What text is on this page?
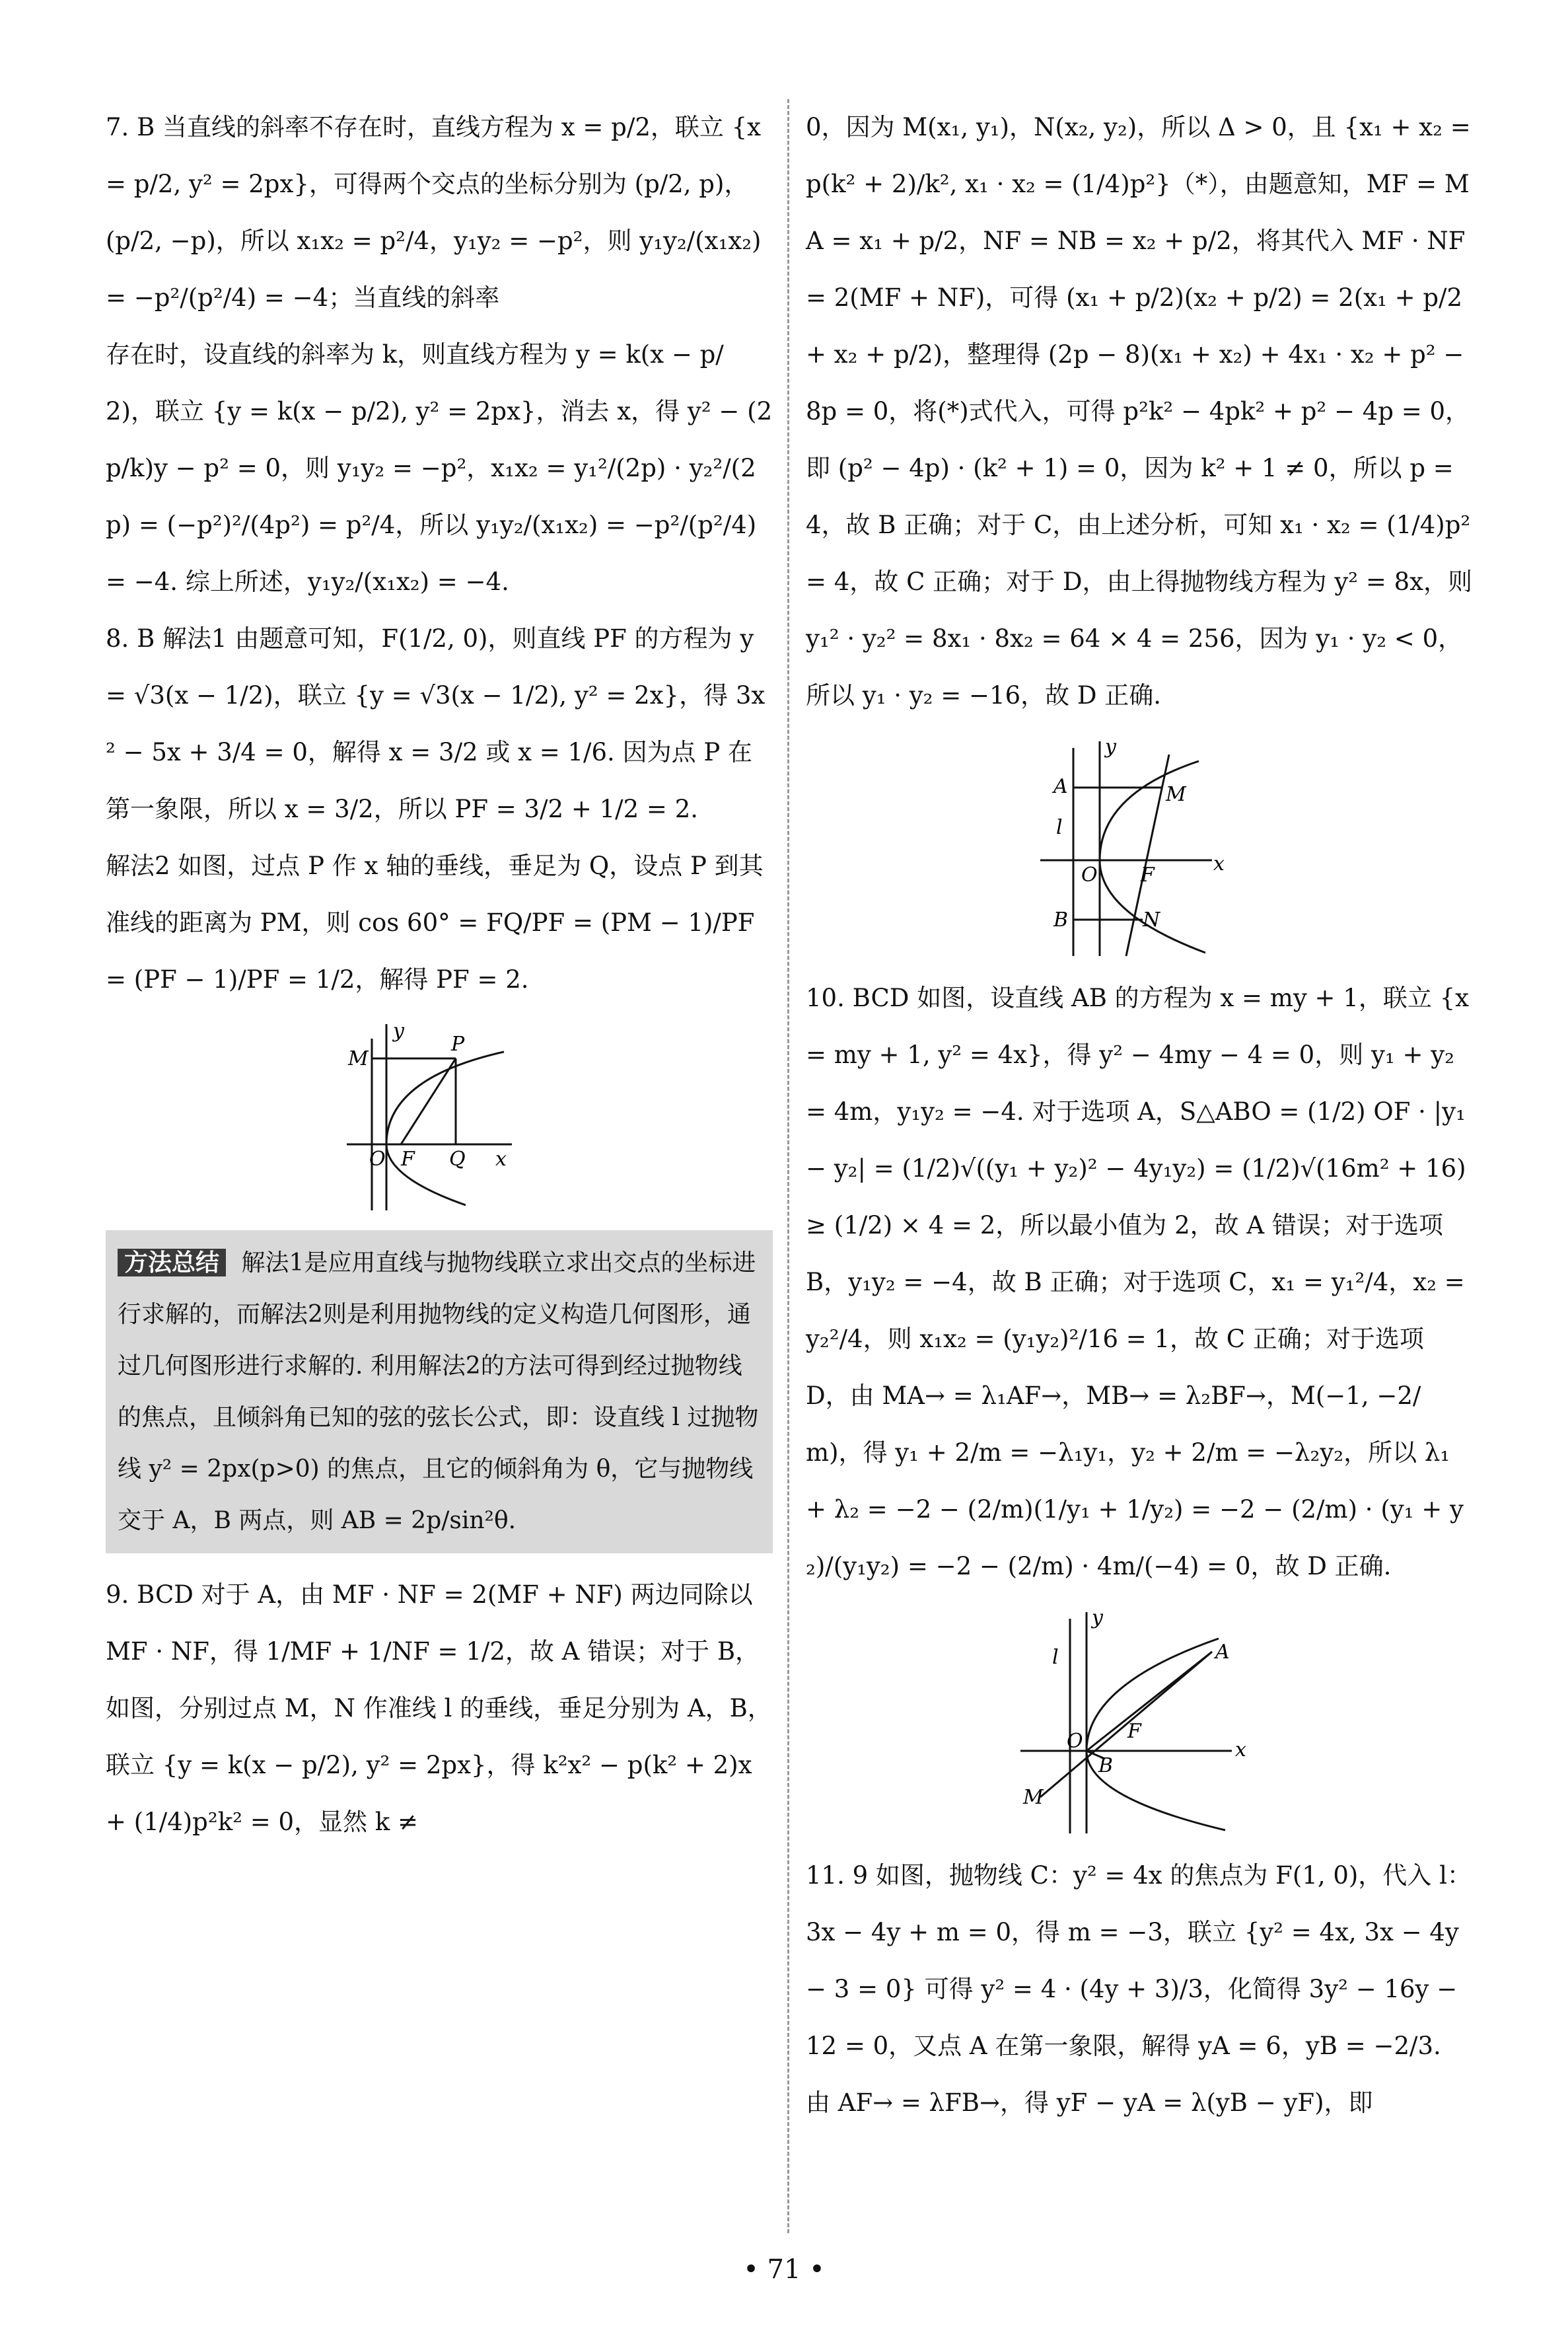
7. B 当直线的斜率不存在时，直线方程为 x = p/2，联立 {x = p/2, y² = 2px}，可得两个交点的坐标分别为 (p/2, p)，(p/2, −p)，所以 x₁x₂ = p²/4，y₁y₂ = −p²，则 y₁y₂/(x₁x₂) = −p²/(p²/4) = −4；当直线的斜率
存在时，设直线的斜率为 k，则直线方程为 y = k(x − p/2)，联立 {y = k(x − p/2), y² = 2px}，消去 x，得 y² − (2p/k)y − p² = 0，则 y₁y₂ = −p²，x₁x₂ = y₁²/(2p) · y₂²/(2p) = (−p²)²/(4p²) = p²/4，所以 y₁y₂/(x₁x₂) = −p²/(p²/4) = −4. 综上所述，y₁y₂/(x₁x₂) = −4.
8. B 解法1 由题意可知，F(1/2, 0)，则直线 PF 的方程为 y = √3(x − 1/2)，联立 {y = √3(x − 1/2), y² = 2x}，得 3x² − 5x + 3/4 = 0，解得 x = 3/2 或 x = 1/6. 因为点 P 在第一象限，所以 x = 3/2，所以 PF = 3/2 + 1/2 = 2.
解法2 如图，过点 P 作 x 轴的垂线，垂足为 Q，设点 P 到其准线的距离为 PM，则 cos 60° = FQ/PF = (PM − 1)/PF = (PF − 1)/PF = 1/2，解得 PF = 2.
M
P
O F Q x
y
方法总结 解法1是应用直线与抛物线联立求出交点的坐标进行求解的，而解法2则是利用抛物线的定义构造几何图形，通过几何图形进行求解的. 利用解法2的方法可得到经过抛物线的焦点，且倾斜角已知的弦的弦长公式，即：设直线 l 过抛物线 y² = 2px(p>0) 的焦点，且它的倾斜角为 θ，它与抛物线交于 A，B 两点，则 AB = 2p/sin²θ.
9. BCD 对于 A，由 MF · NF = 2(MF + NF) 两边同除以 MF · NF，得 1/MF + 1/NF = 1/2，故 A 错误；对于 B，如图，分别过点 M，N 作准线 l 的垂线，垂足分别为 A，B，联立 {y = k(x − p/2), y² = 2px}，得 k²x² − p(k² + 2)x + (1/4)p²k² = 0，显然 k ≠
0，因为 M(x₁, y₁)，N(x₂, y₂)，所以 Δ > 0，且 {x₁ + x₂ = p(k² + 2)/k², x₁ · x₂ = (1/4)p²}（*），由题意知，MF = MA = x₁ + p/2，NF = NB = x₂ + p/2，将其代入 MF · NF = 2(MF + NF)，可得 (x₁ + p/2)(x₂ + p/2) = 2(x₁ + p/2 + x₂ + p/2)，整理得 (2p − 8)(x₁ + x₂) + 4x₁ · x₂ + p² − 8p = 0，将(*)式代入，可得 p²k² − 4pk² + p² − 4p = 0，即 (p² − 4p) · (k² + 1) = 0，因为 k² + 1 ≠ 0，所以 p = 4，故 B 正确；对于 C，由上述分析，可知 x₁ · x₂ = (1/4)p² = 4，故 C 正确；对于 D，由上得抛物线方程为 y² = 8x，则 y₁² · y₂² = 8x₁ · 8x₂ = 64 × 4 = 256，因为 y₁ · y₂ < 0，所以 y₁ · y₂ = −16，故 D 正确.
A	M
l
O F
B	N
x
y
10. BCD 如图，设直线 AB 的方程为 x = my + 1，联立 {x = my + 1, y² = 4x}，得 y² − 4my − 4 = 0，则 y₁ + y₂ = 4m，y₁y₂ = −4. 对于选项 A，S△ABO = (1/2) OF · |y₁ − y₂| = (1/2)√((y₁ + y₂)² − 4y₁y₂) = (1/2)√(16m² + 16) ≥ (1/2) × 4 = 2，所以最小值为 2，故 A 错误；对于选项 B，y₁y₂ = −4，故 B 正确；对于选项 C，x₁ = y₁²/4，x₂ = y₂²/4，则 x₁x₂ = (y₁y₂)²/16 = 1，故 C 正确；对于选项 D，由 MA→ = λ₁AF→，MB→ = λ₂BF→，M(−1, −2/m)，得 y₁ + 2/m = −λ₁y₁，y₂ + 2/m = −λ₂y₂，所以 λ₁ + λ₂ = −2 − (2/m)(1/y₁ + 1/y₂) = −2 − (2/m) · (y₁ + y₂)/(y₁y₂) = −2 − (2/m) · 4m/(−4) = 0，故 D 正确.
l	A
F
O
B
M
x
y
11. 9 如图，抛物线 C：y² = 4x 的焦点为 F(1, 0)，代入 l：3x − 4y + m = 0，得 m = −3，联立 {y² = 4x, 3x − 4y − 3 = 0} 可得 y² = 4 · (4y + 3)/3，化简得 3y² − 16y − 12 = 0，又点 A 在第一象限，解得 yA = 6，yB = −2/3. 由 AF→ = λFB→，得 yF − yA = λ(yB − yF)，即
• 71 •
